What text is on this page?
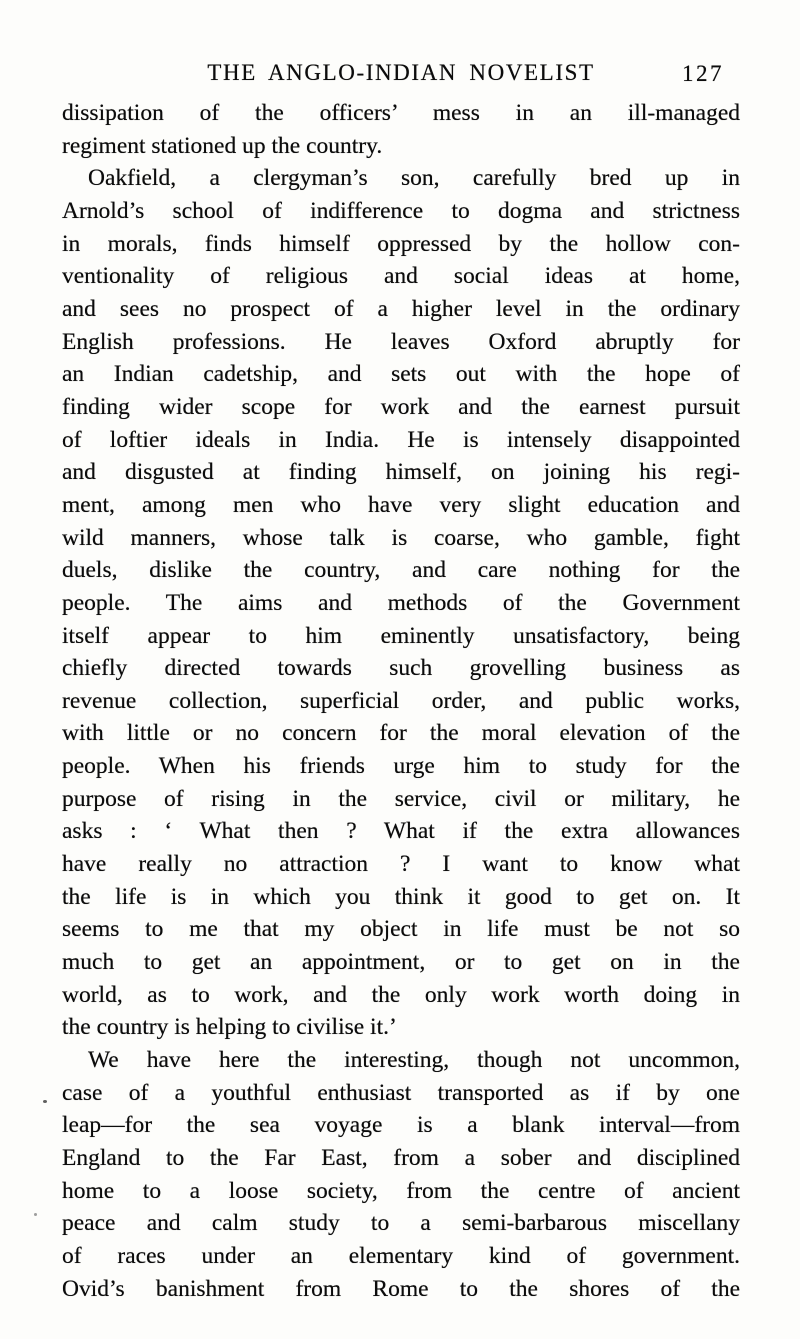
THE ANGLO-INDIAN NOVELIST	127
dissipation of the officers’ mess in an ill-managed
regiment stationed up the country.
Oakfield, a clergyman’s son, carefully bred up in
Arnold’s school of indifference to dogma and strictness
in morals, finds himself oppressed by the hollow con-
ventionality of religious and social ideas at home,
and sees no prospect of a higher level in the ordinary
English professions. He leaves Oxford abruptly for
an Indian cadetship, and sets out with the hope of
finding wider scope for work and the earnest pursuit
of loftier ideals in India. He is intensely disappointed
and disgusted at finding himself, on joining his regi-
ment, among men who have very slight education and
wild manners, whose talk is coarse, who gamble, fight
duels, dislike the country, and care nothing for the
people. The aims and methods of the Government
itself appear to him eminently unsatisfactory, being
chiefly directed towards such grovelling business as
revenue collection, superficial order, and public works,
with little or no concern for the moral elevation of the
people. When his friends urge him to study for the
purpose of rising in the service, civil or military, he
asks : ‘ What then ? What if the extra allowances
have really no attraction ? I want to know what
the life is in which you think it good to get on. It
seems to me that my object in life must be not so
much to get an appointment, or to get on in the
world, as to work, and the only work worth doing in
the country is helping to civilise it.’
We have here the interesting, though not uncommon,
case of a youthful enthusiast transported as if by one
leap—for the sea voyage is a blank interval—from
England to the Far East, from a sober and disciplined
home to a loose society, from the centre of ancient
peace and calm study to a semi-barbarous miscellany
of races under an elementary kind of government.
Ovid’s banishment from Rome to the shores of the
